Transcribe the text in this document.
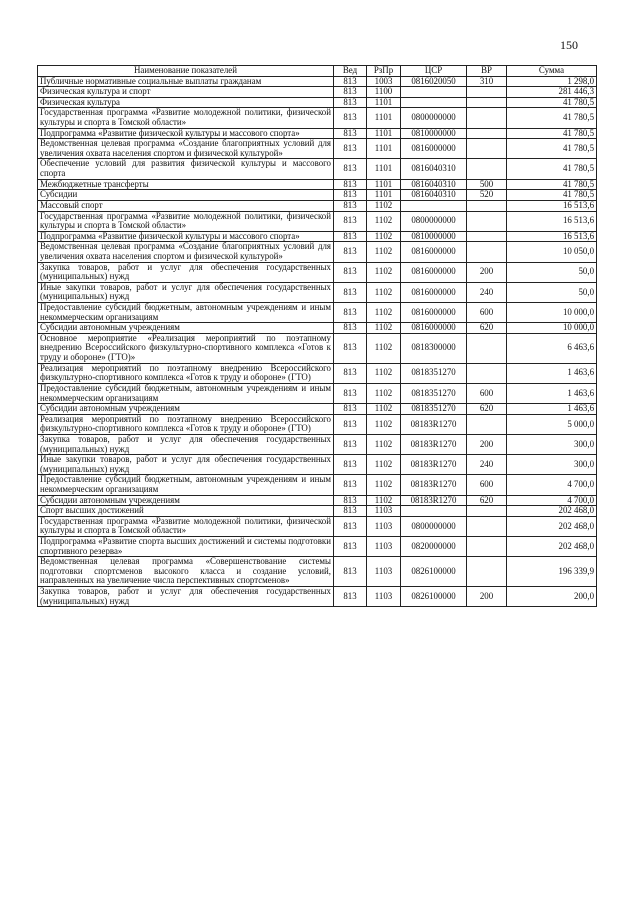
150
Наименование показателей	Вед	РзПр	ЦСР	ВР	Сумма
Публичные нормативные социальные выплаты гражданам	813	1003	0816020050	310	1 298,0
Физическая культура и спорт	813	1100			281 446,3
Физическая культура	813	1101			41 780,5
Государственная программа «Развитие молодежной политики, физической культуры и спорта в Томской области»	813	1101	0800000000		41 780,5
Подпрограмма «Развитие физической культуры и массового спорта»	813	1101	0810000000		41 780,5
Ведомственная целевая программа «Создание благоприятных условий для увеличения охвата населения спортом и физической культурой»	813	1101	0816000000		41 780,5
Обеспечение условий для развития физической культуры и массового спорта	813	1101	0816040310		41 780,5
Межбюджетные трансферты	813	1101	0816040310	500	41 780,5
Субсидии	813	1101	0816040310	520	41 780,5
Массовый спорт	813	1102			16 513,6
Государственная программа «Развитие молодежной политики, физической культуры и спорта в Томской области»	813	1102	0800000000		16 513,6
Подпрограмма «Развитие физической культуры и массового спорта»	813	1102	0810000000		16 513,6
Ведомственная целевая программа «Создание благоприятных условий для увеличения охвата населения спортом и физической культурой»	813	1102	0816000000		10 050,0
Закупка товаров, работ и услуг для обеспечения государственных (муниципальных) нужд	813	1102	0816000000	200	50,0
Иные закупки товаров, работ и услуг для обеспечения государственных (муниципальных) нужд	813	1102	0816000000	240	50,0
Предоставление субсидий бюджетным, автономным учреждениям и иным некоммерческим организациям	813	1102	0816000000	600	10 000,0
Субсидии автономным учреждениям	813	1102	0816000000	620	10 000,0
Основное мероприятие «Реализация мероприятий по поэтапному внедрению Всероссийского физкультурно-спортивного комплекса «Готов к труду и обороне» (ГТО)»	813	1102	0818300000		6 463,6
Реализация мероприятий по поэтапному внедрению Всероссийского физкультурно-спортивного комплекса «Готов к труду и обороне» (ГТО)	813	1102	0818351270		1 463,6
Предоставление субсидий бюджетным, автономным учреждениям и иным некоммерческим организациям	813	1102	0818351270	600	1 463,6
Субсидии автономным учреждениям	813	1102	0818351270	620	1 463,6
Реализация мероприятий по поэтапному внедрению Всероссийского физкультурно-спортивного комплекса «Готов к труду и обороне» (ГТО)	813	1102	08183R1270		5 000,0
Закупка товаров, работ и услуг для обеспечения государственных (муниципальных) нужд	813	1102	08183R1270	200	300,0
Иные закупки товаров, работ и услуг для обеспечения государственных (муниципальных) нужд	813	1102	08183R1270	240	300,0
Предоставление субсидий бюджетным, автономным учреждениям и иным некоммерческим организациям	813	1102	08183R1270	600	4 700,0
Субсидии автономным учреждениям	813	1102	08183R1270	620	4 700,0
Спорт высших достижений	813	1103			202 468,0
Государственная программа «Развитие молодежной политики, физической культуры и спорта в Томской области»	813	1103	0800000000		202 468,0
Подпрограмма «Развитие спорта высших достижений и системы подготовки спортивного резерва»	813	1103	0820000000		202 468,0
Ведомственная целевая программа «Совершенствование системы подготовки спортсменов высокого класса и создание условий, направленных на увеличение числа перспективных спортсменов»	813	1103	0826100000		196 339,9
Закупка товаров, работ и услуг для обеспечения государственных (муниципальных) нужд	813	1103	0826100000	200	200,0
